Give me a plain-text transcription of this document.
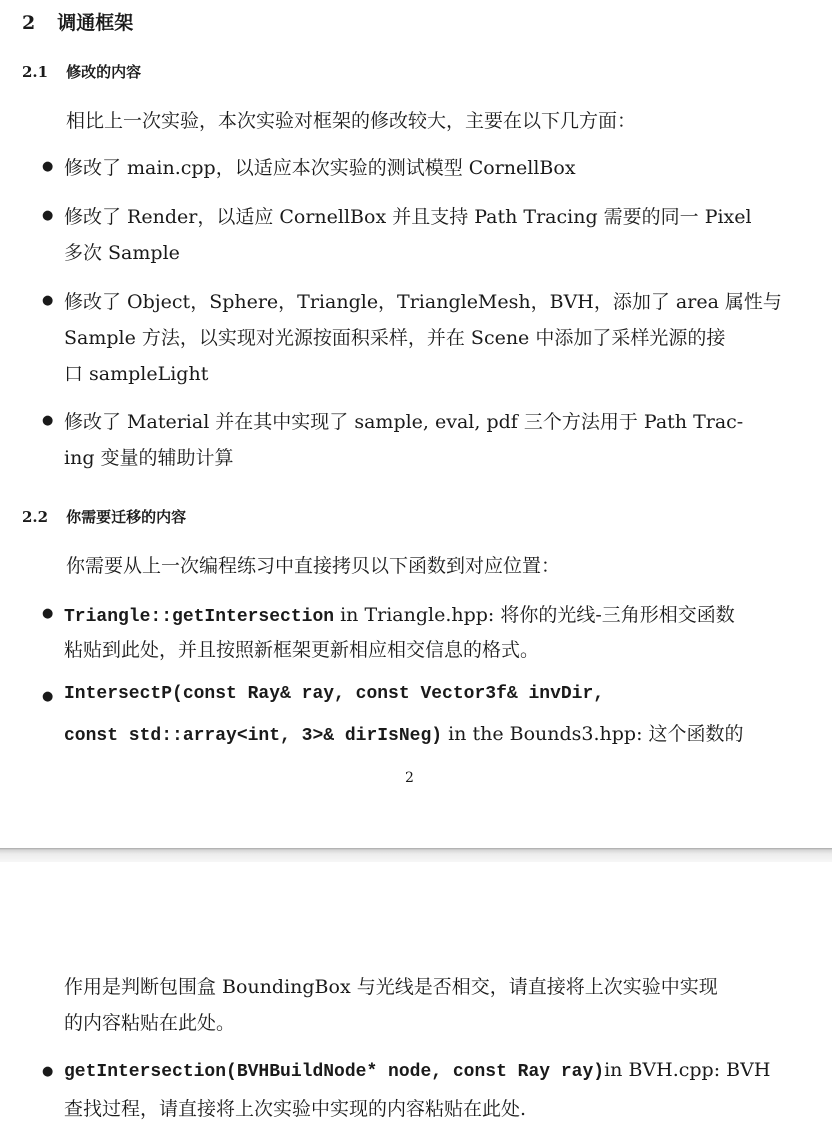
2 调通框架
2.1 修改的内容
相比上一次实验，本次实验对框架的修改较大，主要在以下几方面：
● 修改了 main.cpp，以适应本次实验的测试模型 CornellBox
● 修改了 Render，以适应 CornellBox 并且支持 Path Tracing 需要的同一 Pixel
多次 Sample
● 修改了 Object，Sphere，Triangle，TriangleMesh，BVH，添加了 area 属性与
Sample 方法，以实现对光源按面积采样，并在 Scene 中添加了采样光源的接
口 sampleLight
● 修改了 Material 并在其中实现了 sample, eval, pdf 三个方法用于 Path Trac-
ing 变量的辅助计算
2.2 你需要迁移的内容
你需要从上一次编程练习中直接拷贝以下函数到对应位置：
● Triangle::getIntersection in Triangle.hpp: 将你的光线-三角形相交函数
粘贴到此处，并且按照新框架更新相应相交信息的格式。
● IntersectP(const Ray& ray, const Vector3f& invDir,
const std::array<int, 3>& dirIsNeg) in the Bounds3.hpp: 这个函数的
2
作用是判断包围盒 BoundingBox 与光线是否相交，请直接将上次实验中实现
的内容粘贴在此处。
● getIntersection(BVHBuildNode* node, const Ray ray)in BVH.cpp: BVH
查找过程，请直接将上次实验中实现的内容粘贴在此处.
